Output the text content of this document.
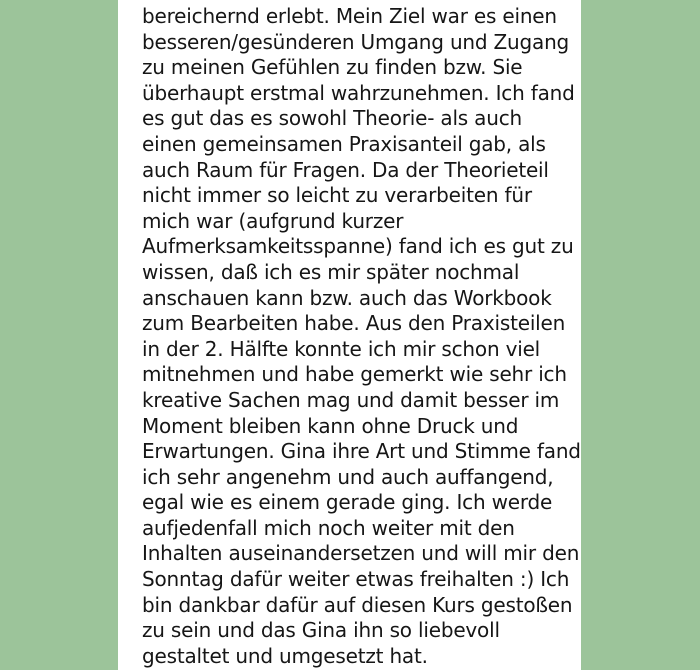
bereichernd erlebt. Mein Ziel war es einen
besseren/gesünderen Umgang und Zugang
zu meinen Gefühlen zu finden bzw. Sie
überhaupt erstmal wahrzunehmen. Ich fand
es gut das es sowohl Theorie- als auch
einen gemeinsamen Praxisanteil gab, als
auch Raum für Fragen. Da der Theorieteil
nicht immer so leicht zu verarbeiten für
mich war (aufgrund kurzer
Aufmerksamkeitsspanne) fand ich es gut zu
wissen, daß ich es mir später nochmal
anschauen kann bzw. auch das Workbook
zum Bearbeiten habe. Aus den Praxisteilen
in der 2. Hälfte konnte ich mir schon viel
mitnehmen und habe gemerkt wie sehr ich
kreative Sachen mag und damit besser im
Moment bleiben kann ohne Druck und
Erwartungen. Gina ihre Art und Stimme fand
ich sehr angenehm und auch auffangend,
egal wie es einem gerade ging. Ich werde
aufjedenfall mich noch weiter mit den
Inhalten auseinandersetzen und will mir den
Sonntag dafür weiter etwas freihalten :) Ich
bin dankbar dafür auf diesen Kurs gestoßen
zu sein und das Gina ihn so liebevoll
gestaltet und umgesetzt hat.
